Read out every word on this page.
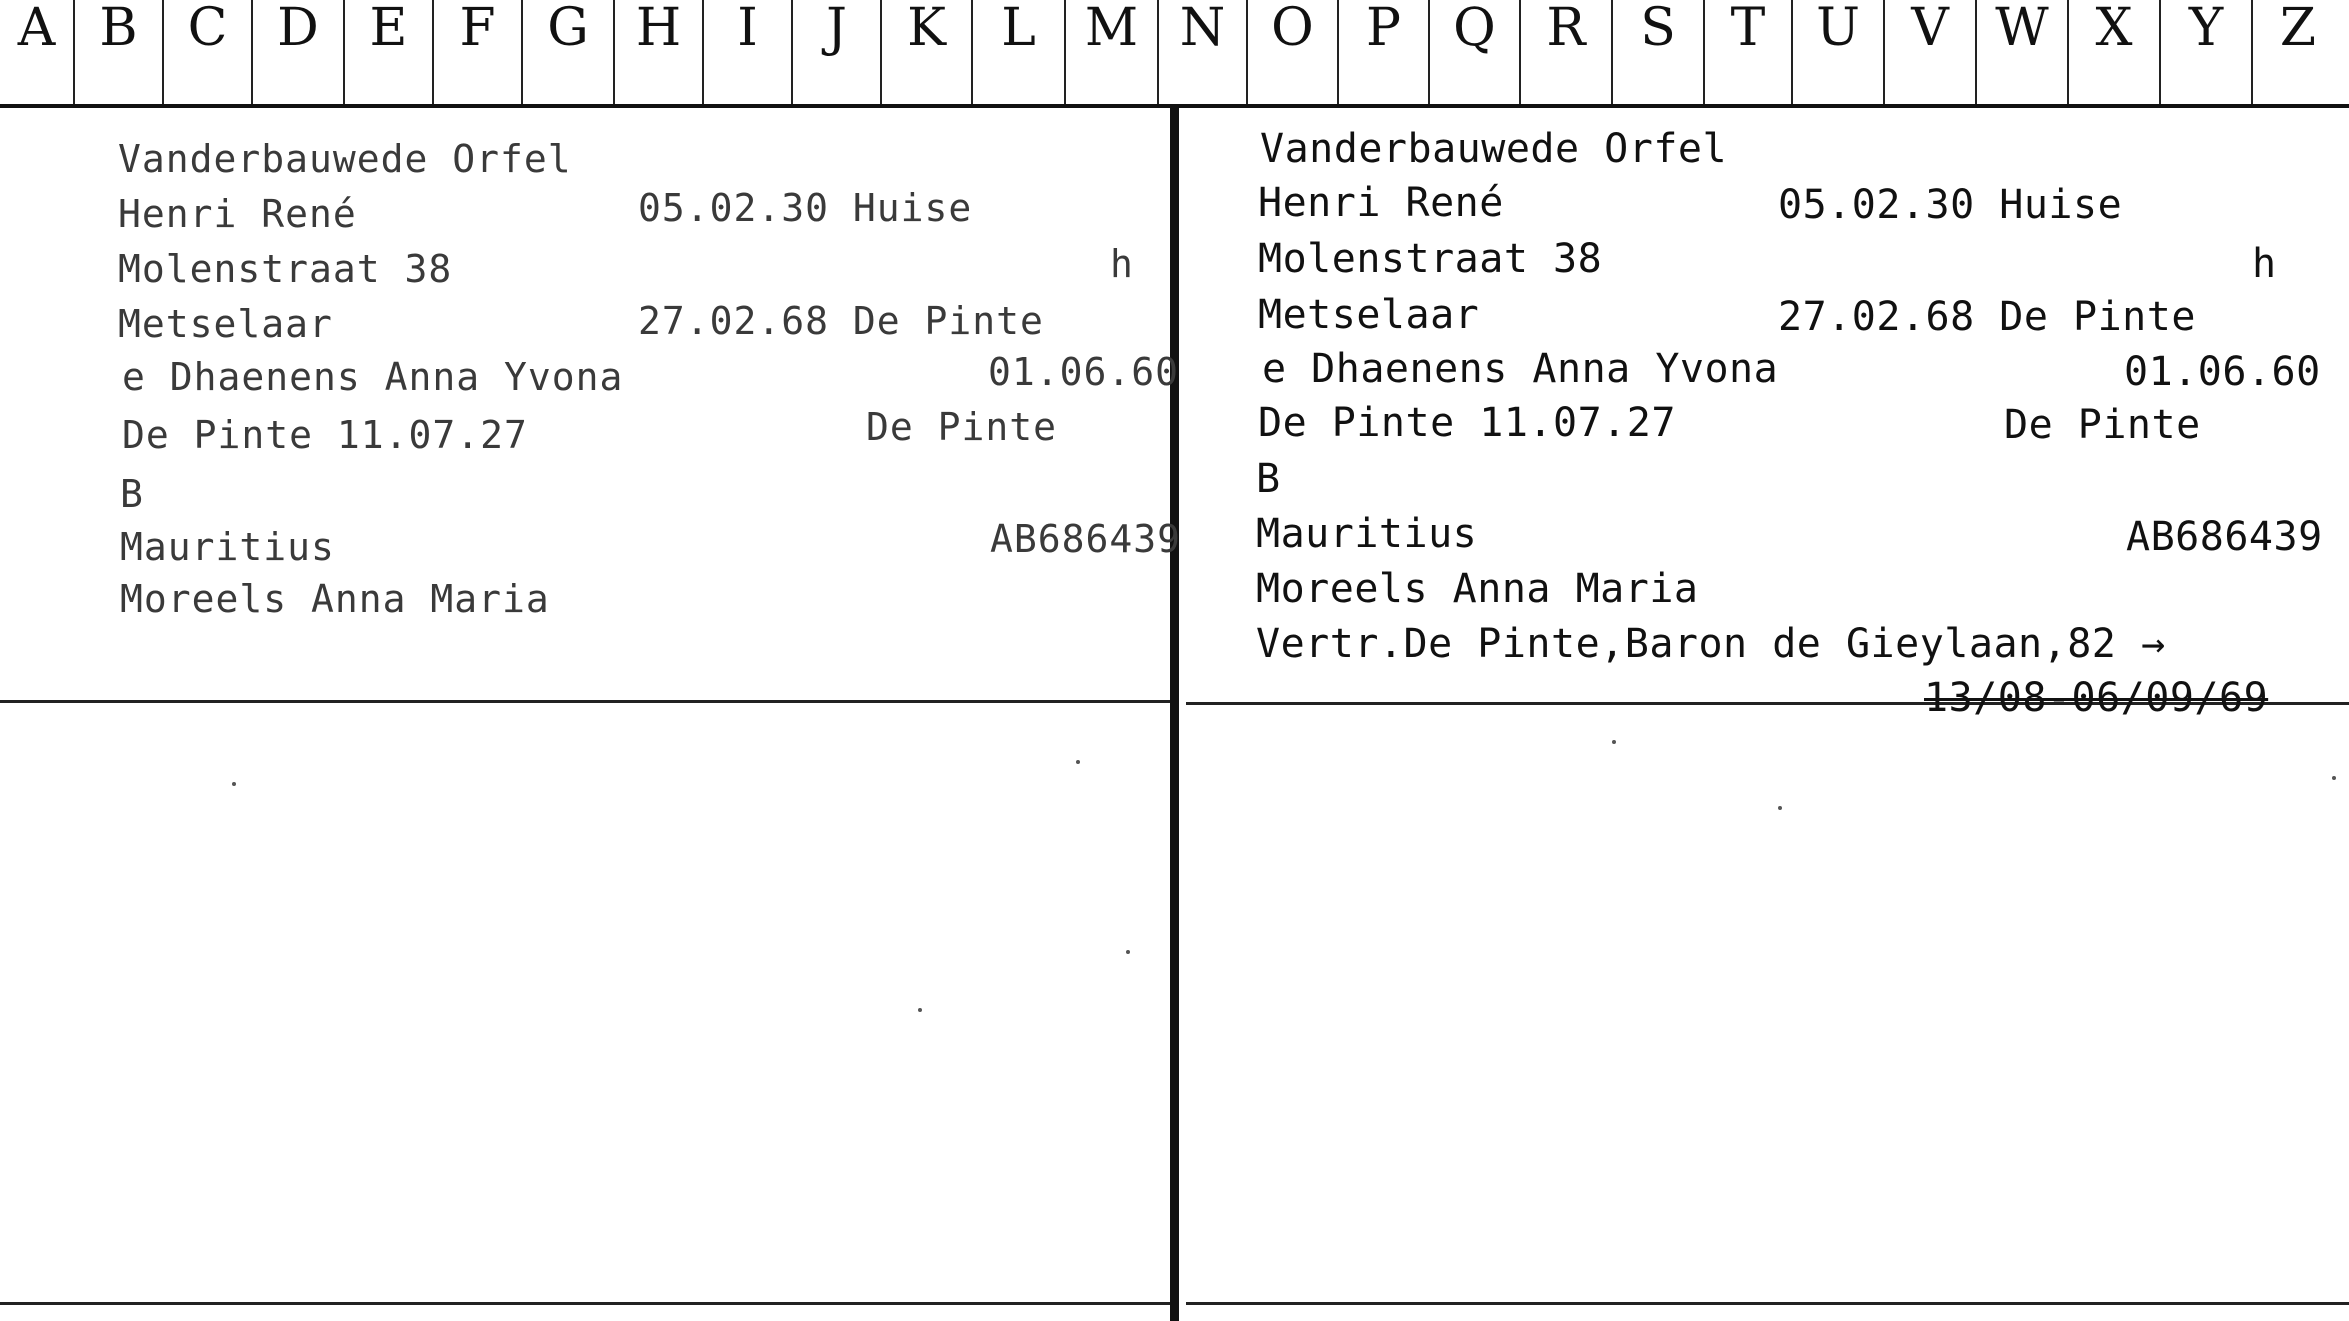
A B C D E F G H	I	J	K	L M N O	P	Q R	S	T U V W X	Y	Z
Vanderbauwede Orfel
Henri René	05.02.30 Huise
Molenstraat 38	h
Metselaar	27.02.68 De Pinte
e Dhaenens Anna Yvona	01.06.60
De Pinte 11.07.27	De Pinte
B
Mauritius	AB686439
Moreels Anna Maria
Vanderbauwede Orfel
Henri René	05.02.30 Huise
Molenstraat 38	h
Metselaar	27.02.68 De Pinte
e Dhaenens Anna Yvona	01.06.60
De Pinte 11.07.27	De Pinte
B
Mauritius	AB686439
Moreels Anna Maria
Vertr.De Pinte,Baron de Gieylaan,82 →
13/08-06/09/69
